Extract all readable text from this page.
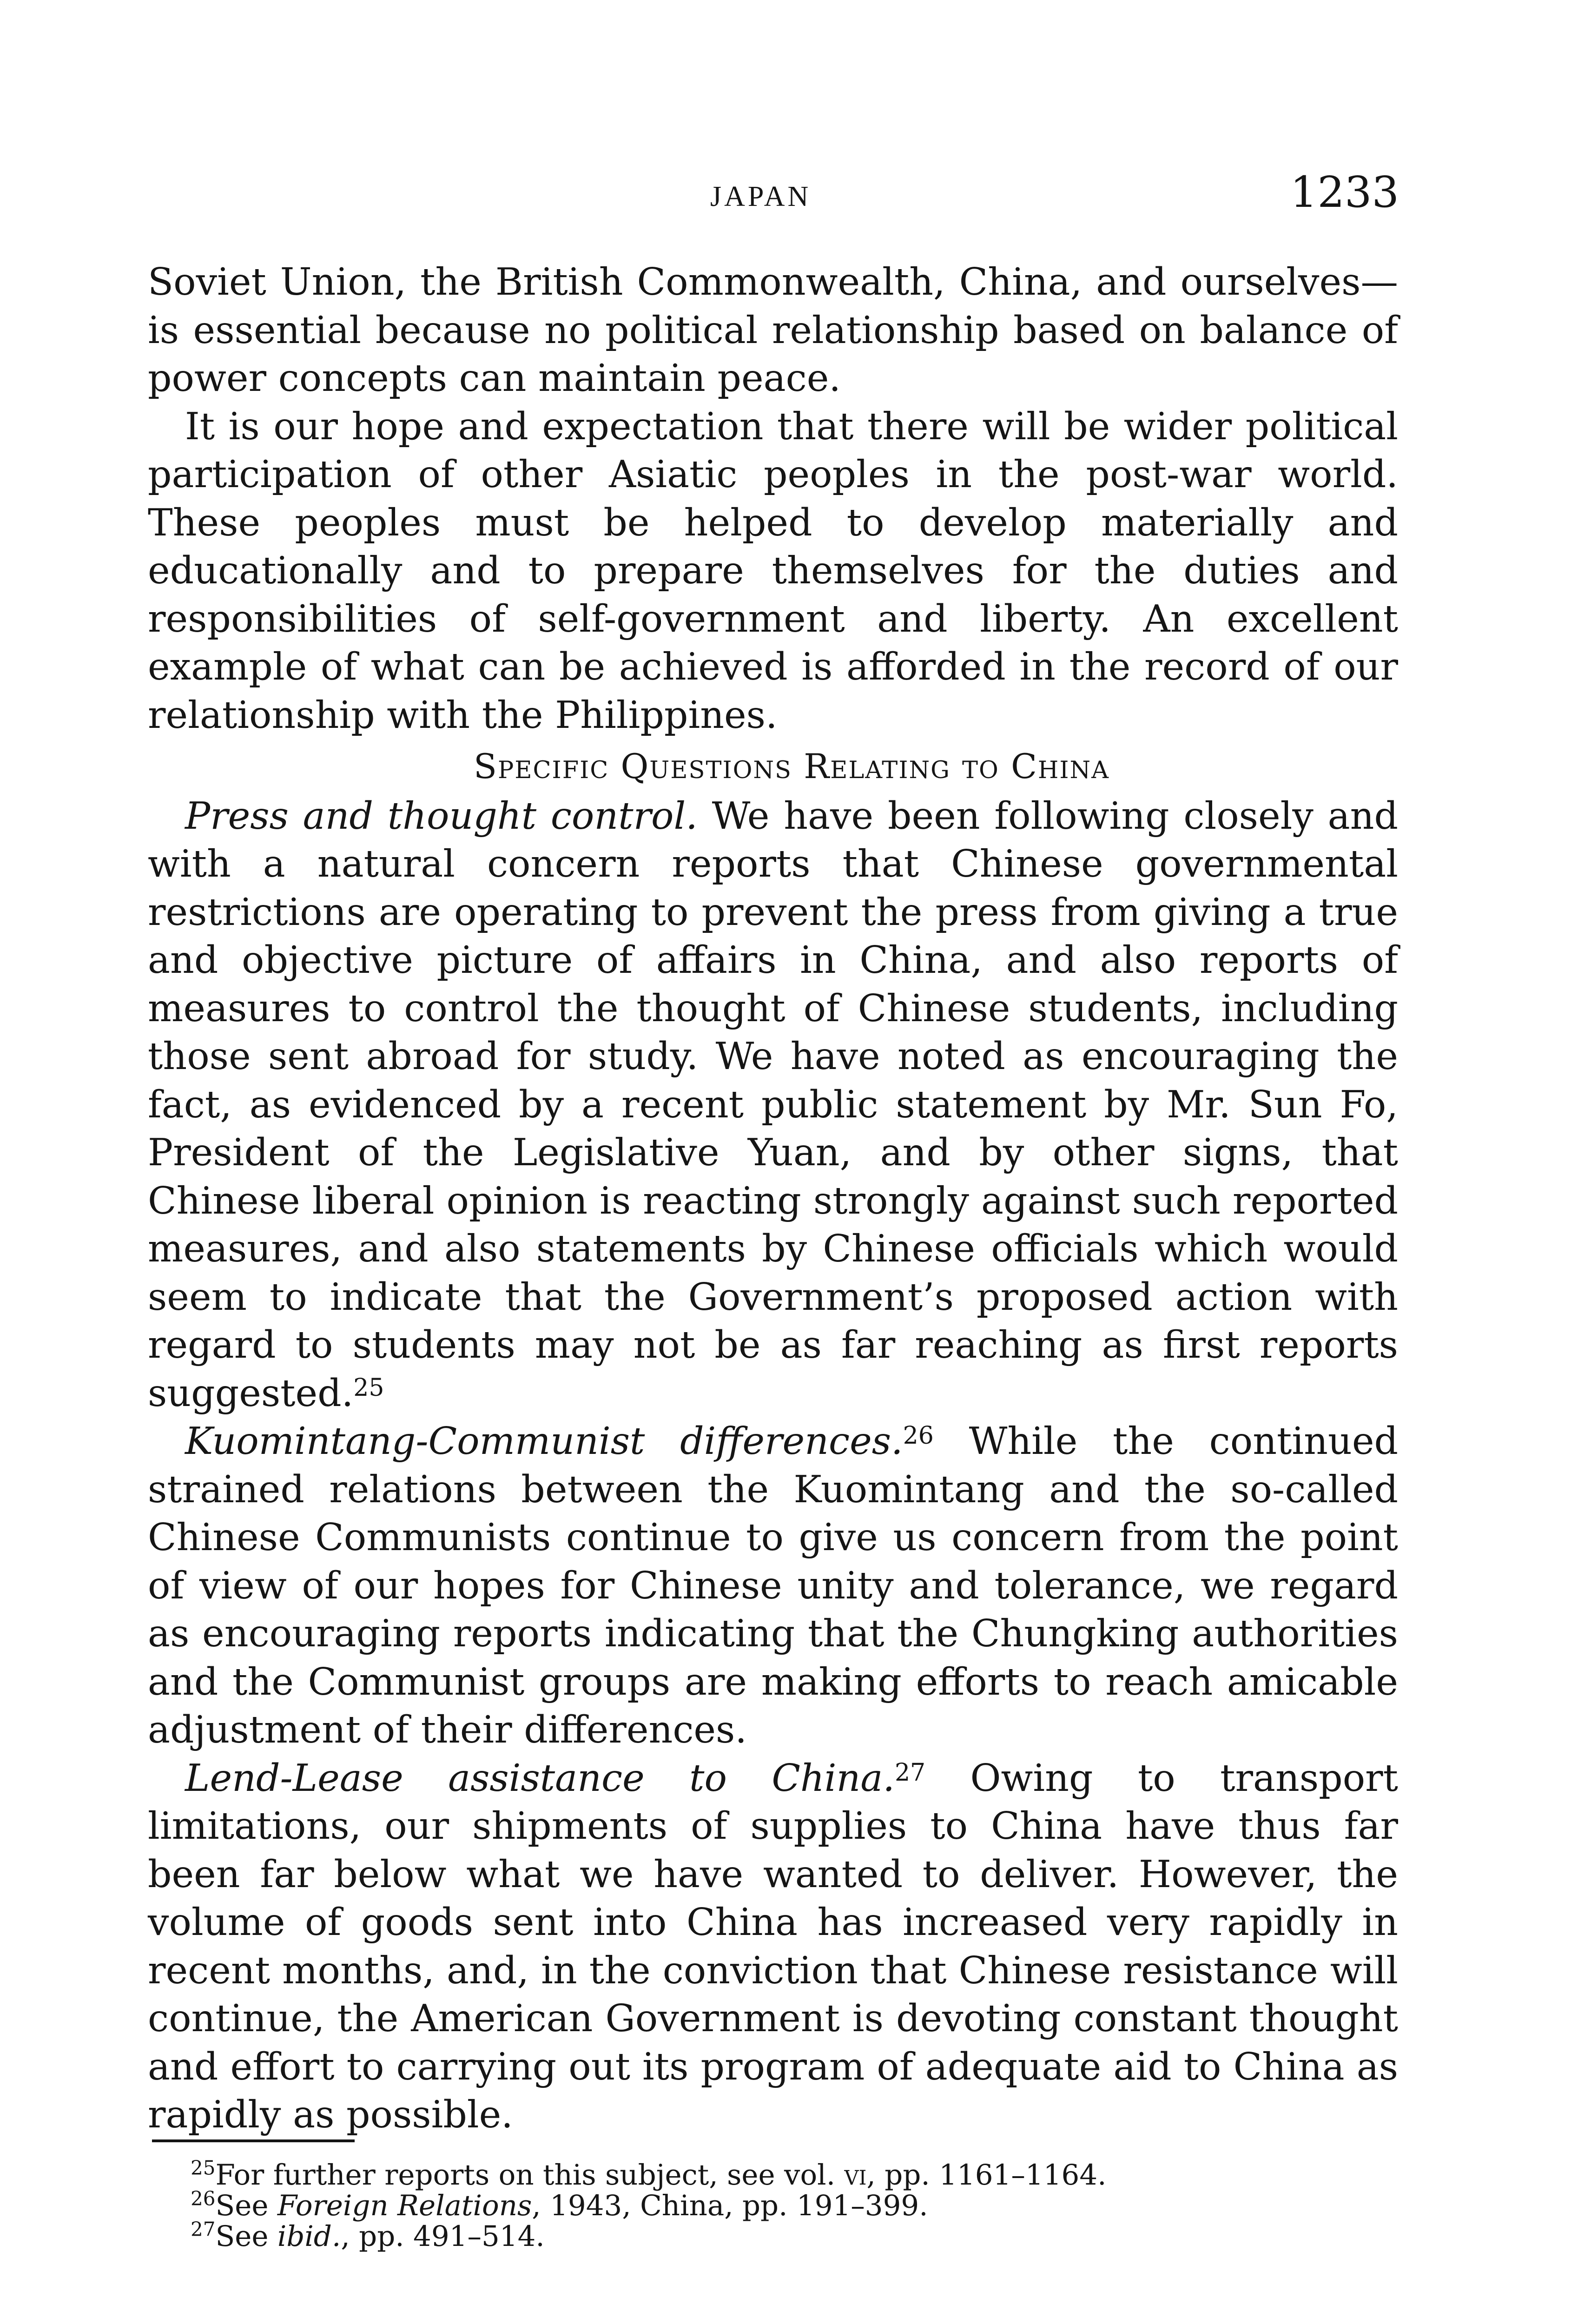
JAPAN	1233

Soviet Union, the British Commonwealth, China, and ourselves—is essential because no political relationship based on balance of power concepts can maintain peace.

It is our hope and expectation that there will be wider political participation of other Asiatic peoples in the post-war world. These peoples must be helped to develop materially and educationally and to prepare themselves for the duties and responsibilities of self-government and liberty. An excellent example of what can be achieved is afforded in the record of our relationship with the Philippines.

Specific Questions Relating to China

Press and thought control. We have been following closely and with a natural concern reports that Chinese governmental restrictions are operating to prevent the press from giving a true and objective picture of affairs in China, and also reports of measures to control the thought of Chinese students, including those sent abroad for study. We have noted as encouraging the fact, as evidenced by a recent public statement by Mr. Sun Fo, President of the Legislative Yuan, and by other signs, that Chinese liberal opinion is reacting strongly against such reported measures, and also statements by Chinese officials which would seem to indicate that the Government’s proposed action with regard to students may not be as far reaching as first reports suggested.$^{25}$

Kuomintang-Communist differences.$^{26}$ While the continued strained relations between the Kuomintang and the so-called Chinese Communists continue to give us concern from the point of view of our hopes for Chinese unity and tolerance, we regard as encouraging reports indicating that the Chungking authorities and the Communist groups are making efforts to reach amicable adjustment of their differences.

Lend-Lease assistance to China.$^{27}$ Owing to transport limitations, our shipments of supplies to China have thus far been far below what we have wanted to deliver. However, the volume of goods sent into China has increased very rapidly in recent months, and, in the conviction that Chinese resistance will continue, the American Government is devoting constant thought and effort to carrying out its program of adequate aid to China as rapidly as possible.

$^{25}$For further reports on this subject, see vol. vi, pp. 1161–1164.

$^{26}$See Foreign Relations, 1943, China, pp. 191–399.

$^{27}$See ibid., pp. 491–514.
